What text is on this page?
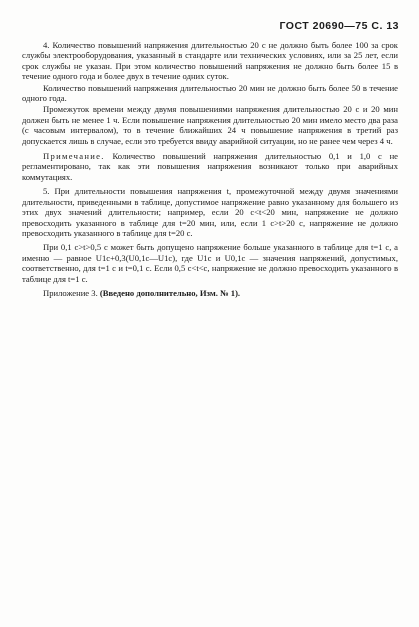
ГОСТ 20690—75 С. 13

4. Количество повышений напряжения длительностью 20 с не должно быть более 100 за срок службы электрооборудования, указанный в стандарте или технических условиях, или за 25 лет, если срок службы не указан. При этом количество повышений напряжения не должно быть более 15 в течение одного года и более двух в течение одних суток.

Количество повышений напряжения длительностью 20 мин не должно быть более 50 в течение одного года.

Промежуток времени между двумя повышениями напряжения длительностью 20 с и 20 мин должен быть не менее 1 ч. Если повышение напряжения длительностью 20 мин имело место два раза (с часовым интервалом), то в течение ближайших 24 ч повышение напряжения в третий раз допускается лишь в случае, если это требуется ввиду аварийной ситуации, но не ранее чем через 4 ч.

Примечание. Количество повышений напряжения длительностью 0,1 и 1,0 с не регламентировано, так как эти повышения напряжения возникают только при аварийных коммутациях.

5. При длительности повышения напряжения t, промежуточной между двумя значениями длительности, приведенными в таблице, допустимое напряжение равно указанному для большего из этих двух значений длительности; например, если 20 с<t<20 мин, напряжение не должно превосходить указанного в таблице для t=20 мин, или, если 1 с>t>20 с, напряжение не должно превосходить указанного в таблице для t=20 с.

При 0,1 с>t>0,5 с может быть допущено напряжение больше указанного в таблице для t=1 с, а именно — равное U1с+0,3(U0,1с—U1с), где U1с и U0,1с — значения напряжений, допустимых, соответственно, для t=1 с и t=0,1 с. Если 0,5 с<t<с, напряжение не должно превосходить указанного в таблице для t=1 с.

Приложение 3. (Введено дополнительно, Изм. № 1).
